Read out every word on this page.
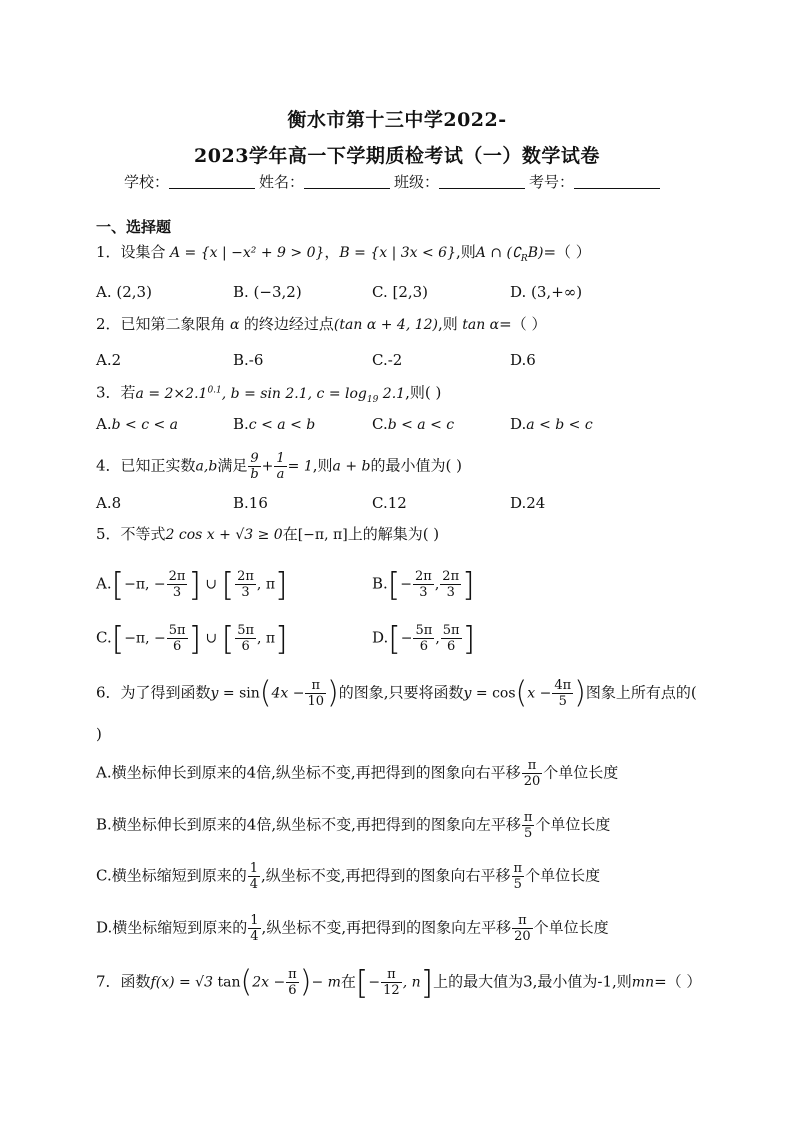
衡水市第十三中学2022-
2023学年高一下学期质检考试（一）数学试卷
学校：	姓名：	班级：	考号：
一、选择题
1．设集合 A = {x | −x² + 9 > 0}，B = {x | 3x < 6},则A ∩ $(∁_RB)=$（ ）
A. (2,3)	B. (−3,2)	C. [2,3)	D. (3,+∞)
2．已知第二象限角 α 的终边经过点(tan α + 4, 12),则 tan α=（ ）
A.2	B.-6	C.-2	D.6
3．若$a = 2\times 2.1^{0.1}$, b = sin 2.1, $c = \log_{19} 2.1$,则( )
A.b < c < a	B.c < a < b	C.b < a < c	D.a < b < c
4．已知正实数a,b满足 $\frac{9}{b} + \frac{1}{a} = 1$,则a + b的最小值为( )
A.8	B.16	C.12	D.24
5．不等式2 cos x + √3 ≥ 0在[−π, π]上的解集为( )
A.[−π, − $\frac{2\pi}{3}$ ] ∪ [ $\frac{2\pi}{3}$ , π]	$B.[- \frac{2\pi}{3}$ , $\frac{2\pi}{3}$ ]
C.[−π, − $\frac{5\pi}{6}$ ] ∪ [ $\frac{5\pi}{6}$ , π]	$D.[- \frac{5\pi}{6}$ , $\frac{5\pi}{6}$ ]
6．为了得到函数$y = \sin(4x - \frac{\pi}{10}$ )的图象,只要将函数$y = \cos(x - \frac{4\pi}{5}$ )图象上所有点的(
)
A.横坐标伸长到原来的4倍,纵坐标不变,再把得到的图象向右平移 $\frac{\pi}{20}$ 个单位长度
B.横坐标伸长到原来的4倍,纵坐标不变,再把得到的图象向左平移 $\frac{\pi}{5}$ 个单位长度
C.横坐标缩短到原来的 $\frac{1}{4}$ ,纵坐标不变,再把得到的图象向右平移 $\frac{\pi}{5}$ 个单位长度
D.横坐标缩短到原来的 $\frac{1}{4}$ ,纵坐标不变,再把得到的图象向左平移 $\frac{\pi}{20}$ 个单位长度
7．函数f(x) = √3 $\tan(2x - \frac{\pi}{6}$ )− m在[− $\frac{\pi}{12}$ , n]上的最大值为3,最小值为-1,则mn=（ ）
